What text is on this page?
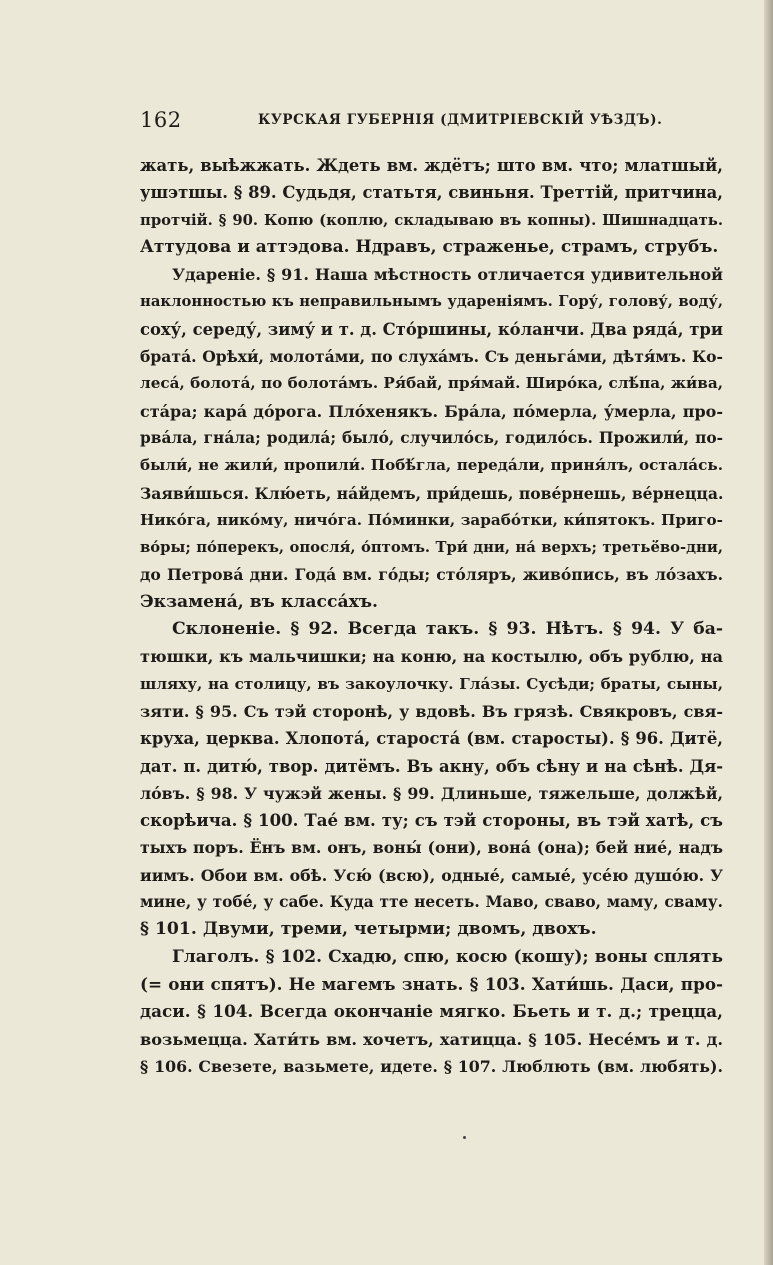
162	КУРСКАЯ ГУБЕРНІЯ (ДМИТРІЕВСКІЙ УѢЗДЪ).
жать, выѣжжать. Ждеть вм. ждётъ; што вм. что; млатшый,
ушэтшы. § 89. Судьдя, статьтя, свиньня. Треттій, притчина,
протчій. § 90. Копю (коплю, складываю въ копны). Шишнадцать.
Аттудова и аттэдова. Ндравъ, страженье, страмъ, струбъ.
Удареніе. § 91. Наша мѣстность отличается удивительной
наклонностью къ неправильнымъ удареніямъ. Гору́, голову́, воду́,
соху́, середу́, зиму́ и т. д. Сто́ршины, ко́ланчи. Два ряда́, три
брата́. Орѣхи́, молота́ми, по слуха́мъ. Съ деньга́ми, дѣтя́мъ. Ко-
леса́, болота́, по болота́мъ. Ря́бай, пря́май. Широ́ка, слѣ́па, жи́ва,
ста́ра; кара́ до́рога. Пло́хенякъ. Бра́ла, по́мерла, у́мерла, про-
рва́ла, гна́ла; родила́; было́, случило́сь, годило́сь. Прожили́, по-
были́, не жили́, пропили́. Побѣ́гла, переда́ли, приня́лъ, остала́сь.
Заяви́шься. Клю́еть, на́йдемъ, при́дешь, пове́рнешь, ве́рнецца.
Нико́га, нико́му, ничо́га. По́минки, зарабо́тки, ки́пятокъ. Приго-
во́ры; по́перекъ, опосля́, о́птомъ. Три́ дни, на́ верхъ; третьё́во-дни,
до Петрова́ дни. Года́ вм. го́ды; сто́ляръ, живо́пись, въ ло́захъ.
Экзамена́, въ класса́хъ.
Склоненіе. § 92. Всегда такъ. § 93. Нѣтъ. § 94. У ба-
тюшки, къ мальчишки; на коню, на костылю, объ рублю, на
шляху, на столицу, въ закоулочку. Гла́зы. Сусѣди; браты, сыны,
зяти. § 95. Съ тэй сторонѣ, у вдовѣ. Въ грязѣ. Свякровъ, свя-
круха, церква. Хлопота́, староста́ (вм. старосты). § 96. Дитё,
дат. п. дитю́, твор. дитёмъ. Въ акну, объ сѣну и на сѣнѣ. Дя-
ло́въ. § 98. У чужэй жены. § 99. Длиньше, тяжельше, должѣй,
скорѣича. § 100. Тае́ вм. ту; съ тэй стороны, въ тэй хатѣ, съ
тыхъ поръ. Ёнъ вм. онъ, воны́ (они), вона́ (она); бей ние́, надъ
иимъ. Обои вм. обѣ. Усю́ (всю), одные́, самые́, усе́ю душо́ю. У
мине, у тобе́, у сабе. Куда тте несеть. Маво, сваво, маму, сваму.
§ 101. Двуми, треми, четырми; двомъ, двохъ.
Глаголъ. § 102. Схадю, спю, косю (кошу); воны сплять
(= они спятъ). Не магемъ знать. § 103. Хати́шь. Даси, про-
даси. § 104. Всегда окончаніе мягко. Бьеть и т. д.; трецца,
возьмецца. Хати́ть вм. хочетъ, хатицца. § 105. Несе́мъ и т. д.
§ 106. Свезете, вазьмете, идете. § 107. Люблють (вм. любять).
